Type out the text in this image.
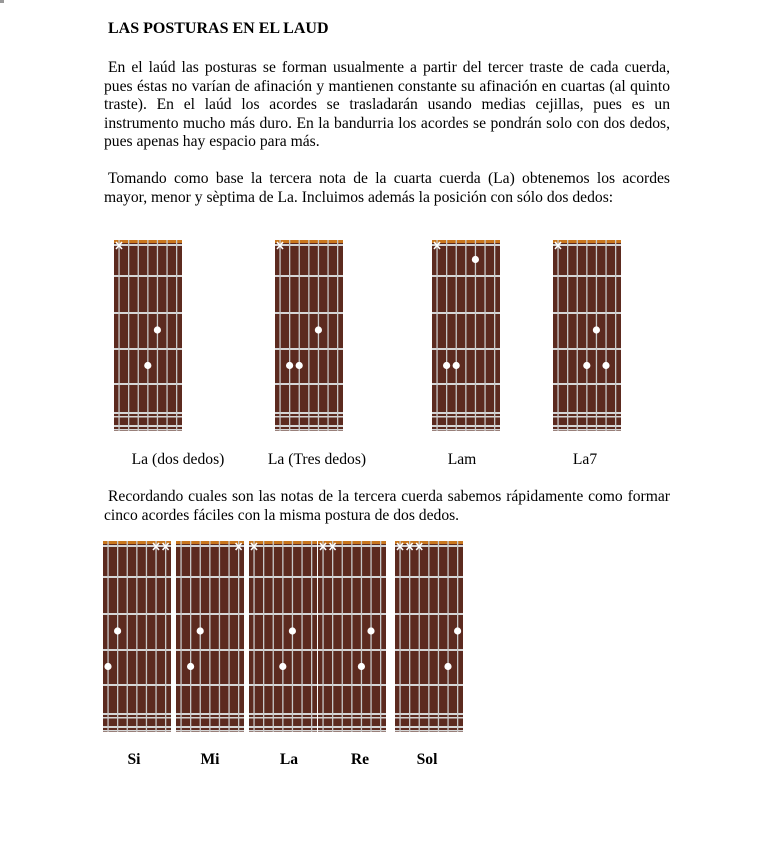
LAS POSTURAS EN EL LAUD

En el laúd las posturas se forman usualmente a partir del tercer traste de cada cuerda, pues éstas no varían de afinación y mantienen constante su afinación en cuartas (al quinto traste). En el laúd los acordes se trasladarán usando medias cejillas, pues es un instrumento mucho más duro. En la bandurria los acordes se pondrán solo con dos dedos, pues apenas hay espacio para más.

Tomando como base la tercera nota de la cuarta cuerda (La) obtenemos los acordes mayor, menor y sèptima de La. Incluimos además la posición con sólo dos dedos:

La (dos dedos)	La (Tres dedos)	Lam	La7

Recordando cuales son las notas de la tercera cuerda sabemos rápidamente como formar cinco acordes fáciles con la misma postura de dos dedos.

Si	Mi	La	Re	Sol
